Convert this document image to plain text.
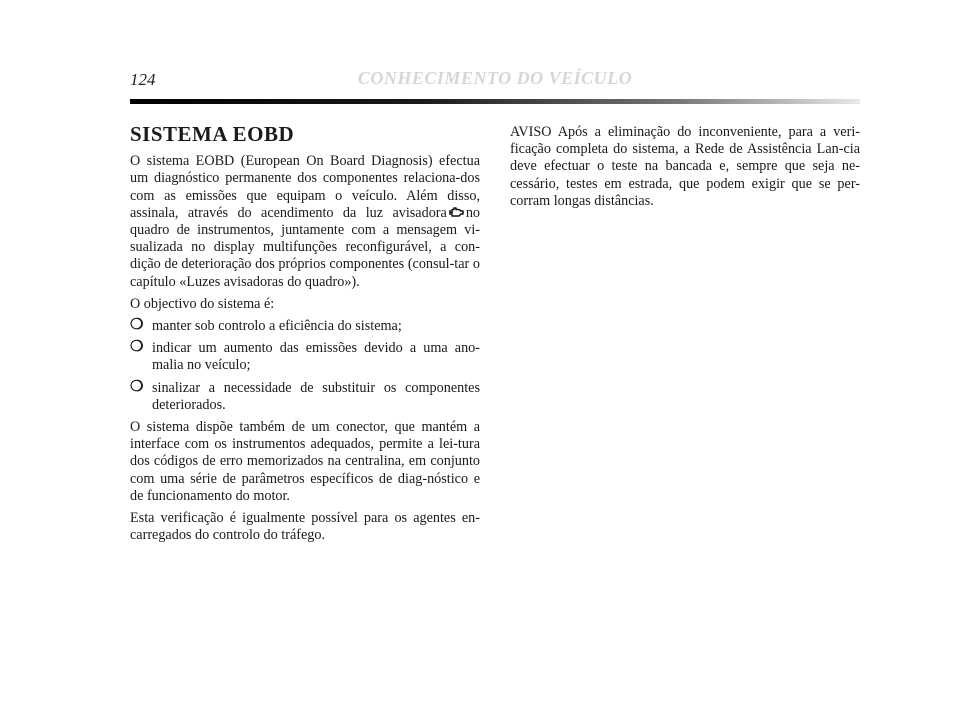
124	CONHECIMENTO DO VEÍCULO
SISTEMA EOBD

O sistema EOBD (European On Board Diagnosis) efectua um diagnóstico permanente dos componentes relaciona-dos com as emissões que equipam o veículo. Além disso, assinala, através do acendimento da luz avisadora no quadro de instrumentos, juntamente com a mensagem vi-sualizada no display multifunções reconfigurável, a con-dição de deterioração dos próprios componentes (consul-tar o capítulo «Luzes avisadoras do quadro»).

O objectivo do sistema é:

❍ manter sob controlo a eficiência do sistema;
❍ indicar um aumento das emissões devido a uma ano-malia no veículo;
❍ sinalizar a necessidade de substituir os componentes deteriorados.

O sistema dispõe também de um conector, que mantém a interface com os instrumentos adequados, permite a lei-tura dos códigos de erro memorizados na centralina, em conjunto com uma série de parâmetros específicos de diag-nóstico e de funcionamento do motor.

Esta verificação é igualmente possível para os agentes en-carregados do controlo do tráfego.

AVISO Após a eliminação do inconveniente, para a veri-ficação completa do sistema, a Rede de Assistência Lan-cia deve efectuar o teste na bancada e, sempre que seja ne-cessário, testes em estrada, que podem exigir que se per-corram longas distâncias.
